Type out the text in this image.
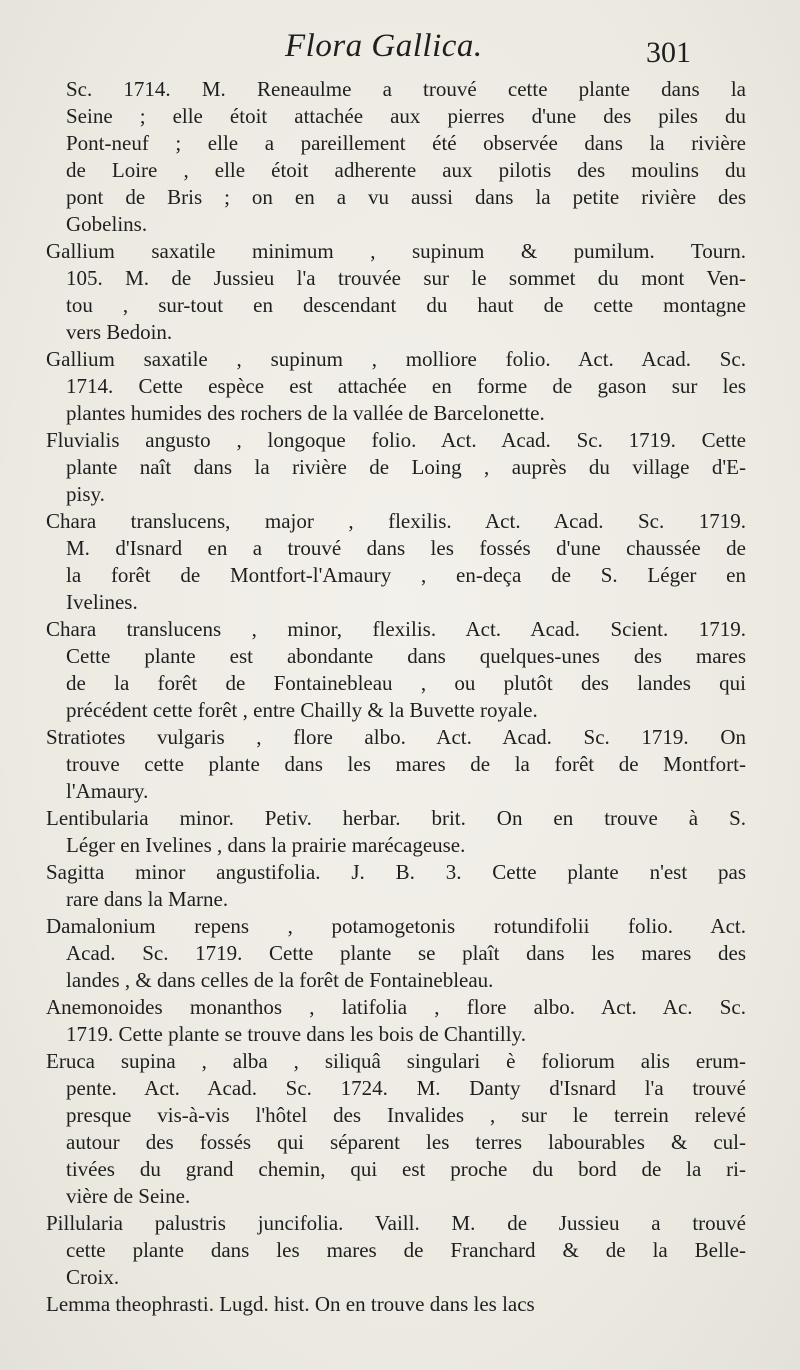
Flora Gallica.	301
Sc. 1714. M. Reneaulme a trouvé cette plante dans la
Seine ; elle étoit attachée aux pierres d'une des piles du
Pont-neuf ; elle a pareillement été observée dans la rivière
de Loire , elle étoit adherente aux pilotis des moulins du
pont de Bris ; on en a vu aussi dans la petite rivière des
Gobelins.
Gallium saxatile minimum , supinum & pumilum. Tourn.
105. M. de Jussieu l'a trouvée sur le sommet du mont Ven-
tou , sur-tout en descendant du haut de cette montagne
vers Bedoin.
Gallium saxatile , supinum , molliore folio. Act. Acad. Sc.
1714. Cette espèce est attachée en forme de gason sur les
plantes humides des rochers de la vallée de Barcelonette.
Fluvialis angusto , longoque folio. Act. Acad. Sc. 1719. Cette
plante naît dans la rivière de Loing , auprès du village d'E-
pisy.
Chara translucens, major , flexilis. Act. Acad. Sc. 1719.
M. d'Isnard en a trouvé dans les fossés d'une chaussée de
la forêt de Montfort-l'Amaury , en-deça de S. Léger en
Ivelines.
Chara translucens , minor, flexilis. Act. Acad. Scient. 1719.
Cette plante est abondante dans quelques-unes des mares
de la forêt de Fontainebleau , ou plutôt des landes qui
précédent cette forêt , entre Chailly & la Buvette royale.
Stratiotes vulgaris , flore albo. Act. Acad. Sc. 1719. On
trouve cette plante dans les mares de la forêt de Montfort-
l'Amaury.
Lentibularia minor. Petiv. herbar. brit. On en trouve à S.
Léger en Ivelines , dans la prairie marécageuse.
Sagitta minor angustifolia. J. B. 3. Cette plante n'est pas
rare dans la Marne.
Damalonium repens , potamogetonis rotundifolii folio. Act.
Acad. Sc. 1719. Cette plante se plaît dans les mares des
landes , & dans celles de la forêt de Fontainebleau.
Anemonoides monanthos , latifolia , flore albo. Act. Ac. Sc.
1719. Cette plante se trouve dans les bois de Chantilly.
Eruca supina , alba , siliquâ singulari è foliorum alis erum-
pente. Act. Acad. Sc. 1724. M. Danty d'Isnard l'a trouvé
presque vis-à-vis l'hôtel des Invalides , sur le terrein relevé
autour des fossés qui séparent les terres labourables & cul-
tivées du grand chemin, qui est proche du bord de la ri-
vière de Seine.
Pillularia palustris juncifolia. Vaill. M. de Jussieu a trouvé
cette plante dans les mares de Franchard & de la Belle-
Croix.
Lemma theophrasti. Lugd. hist. On en trouve dans les lacs
